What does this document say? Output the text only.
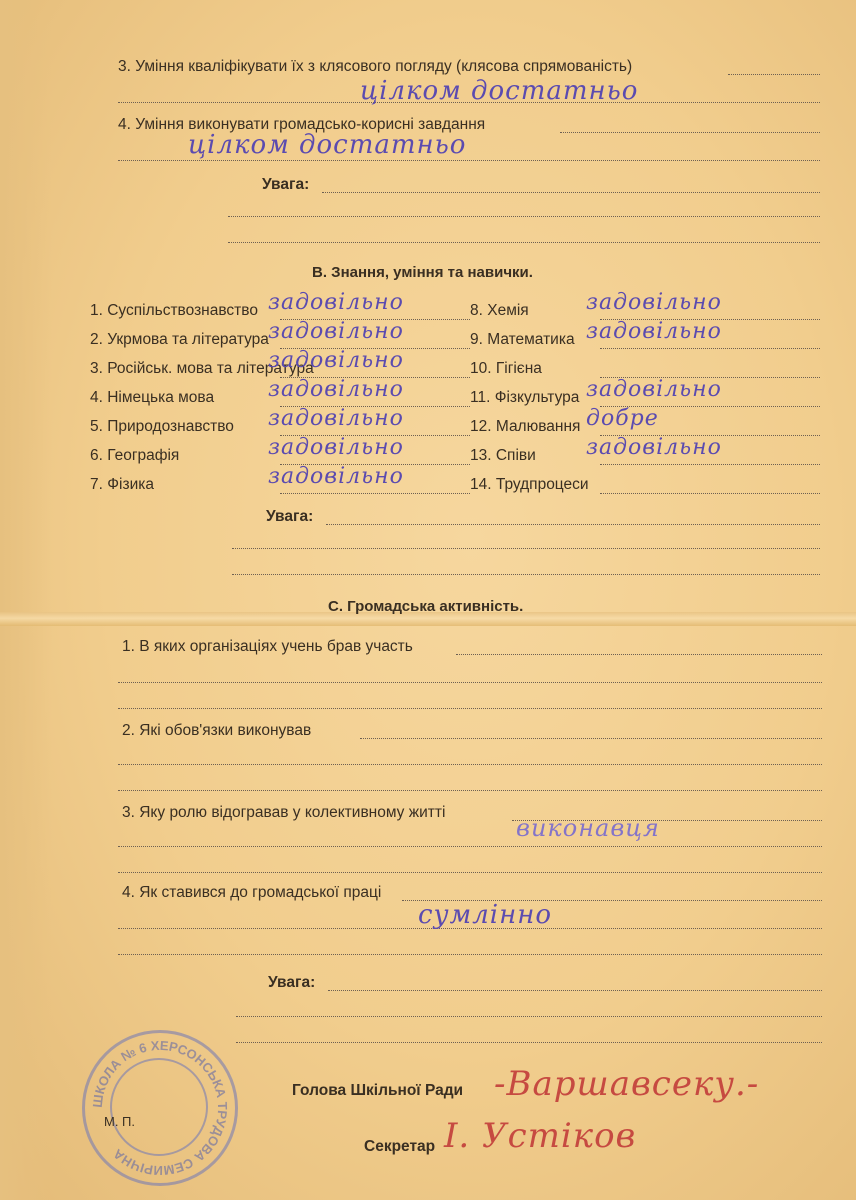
3. Уміння кваліфікувати їх з клясового погляду (клясова спрямованість)
цілком достатньо
4. Уміння виконувати громадсько-корисні завдання
цілком достатньо
Увага:
В. Знання, уміння та навички.
1. Суспільствознавство задовільно
2. Укрмова та література задовільно
3. Російськ. мова та література
задовільно
4. Німецька мова задовільно
5. Природознавство задовільно
6. Географія	задовільно
7. Фізика	задовільно
8. Хемія	задовільно
9. Математика задовільно
10. Гігієна
11. Фізкультура задовільно
12. Малювання добре
13. Співи задовільно
14. Трудпроцеси
Увага:
С. Громадська активність.
1. В яких організаціях учень брав участь
2. Які обов'язки виконував
3. Яку ролю відогравав у колективному житті
виконавця
4. Як ставився до громадської праці
сумлінно
Увага:
ШКОЛА № 6 ХЕРСОНСЬКА ТРУДОВА СЕМИРІЧНА
М. П.
Голова Шкільної Ради -Варшавсеку.-
Секретар І. Устіков
